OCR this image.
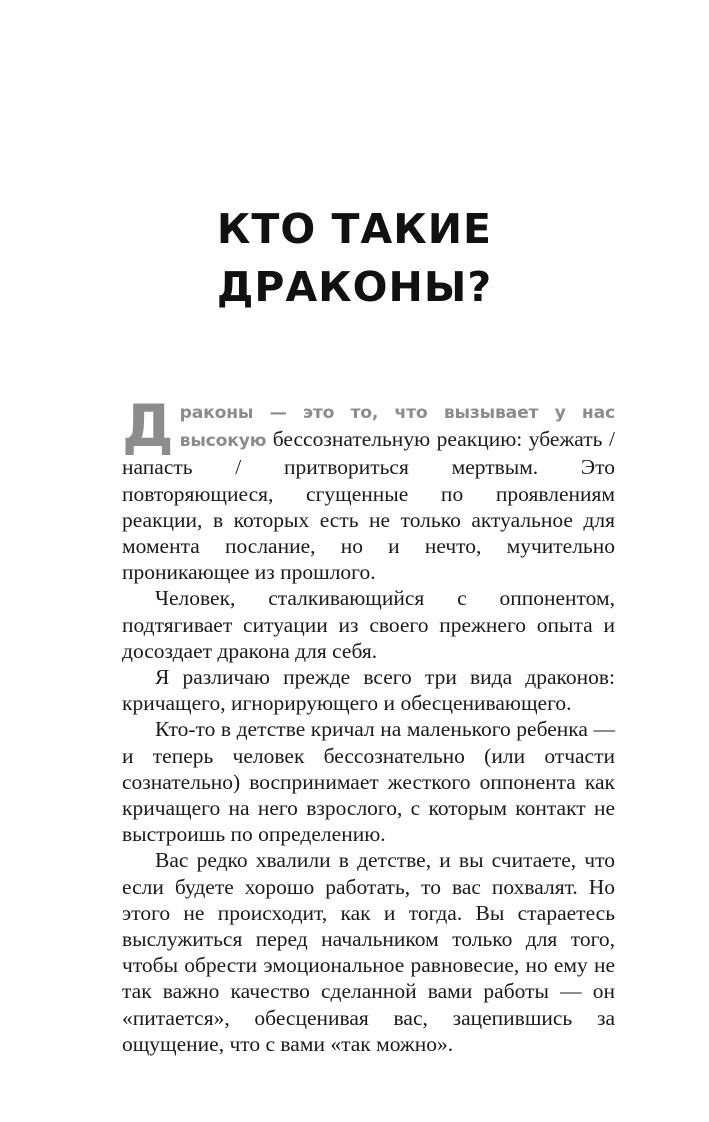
КТО ТАКИЕ
ДРАКОНЫ?

Драконы — это то, что вызывает у нас высокую бессознательную реакцию: убежать / напасть / притвориться мертвым. Это повторяющиеся, сгущенные по проявлениям реакции, в которых есть не только актуальное для момента послание, но и нечто, мучительно проникающее из прошлого.

Человек, сталкивающийся с оппонентом, подтягивает ситуации из своего прежнего опыта и досоздает дракона для себя.

Я различаю прежде всего три вида драконов: кричащего, игнорирующего и обесценивающего.

Кто-то в детстве кричал на маленького ребенка — и теперь человек бессознательно (или отчасти сознательно) воспринимает жесткого оппонента как кричащего на него взрослого, с которым контакт не выстроишь по определению.

Вас редко хвалили в детстве, и вы считаете, что если будете хорошо работать, то вас похвалят. Но этого не происходит, как и тогда. Вы стараетесь выслужиться перед начальником только для того, чтобы обрести эмоциональное равновесие, но ему не так важно качество сделанной вами работы — он «питается», обесценивая вас, зацепившись за ощущение, что с вами «так можно».
